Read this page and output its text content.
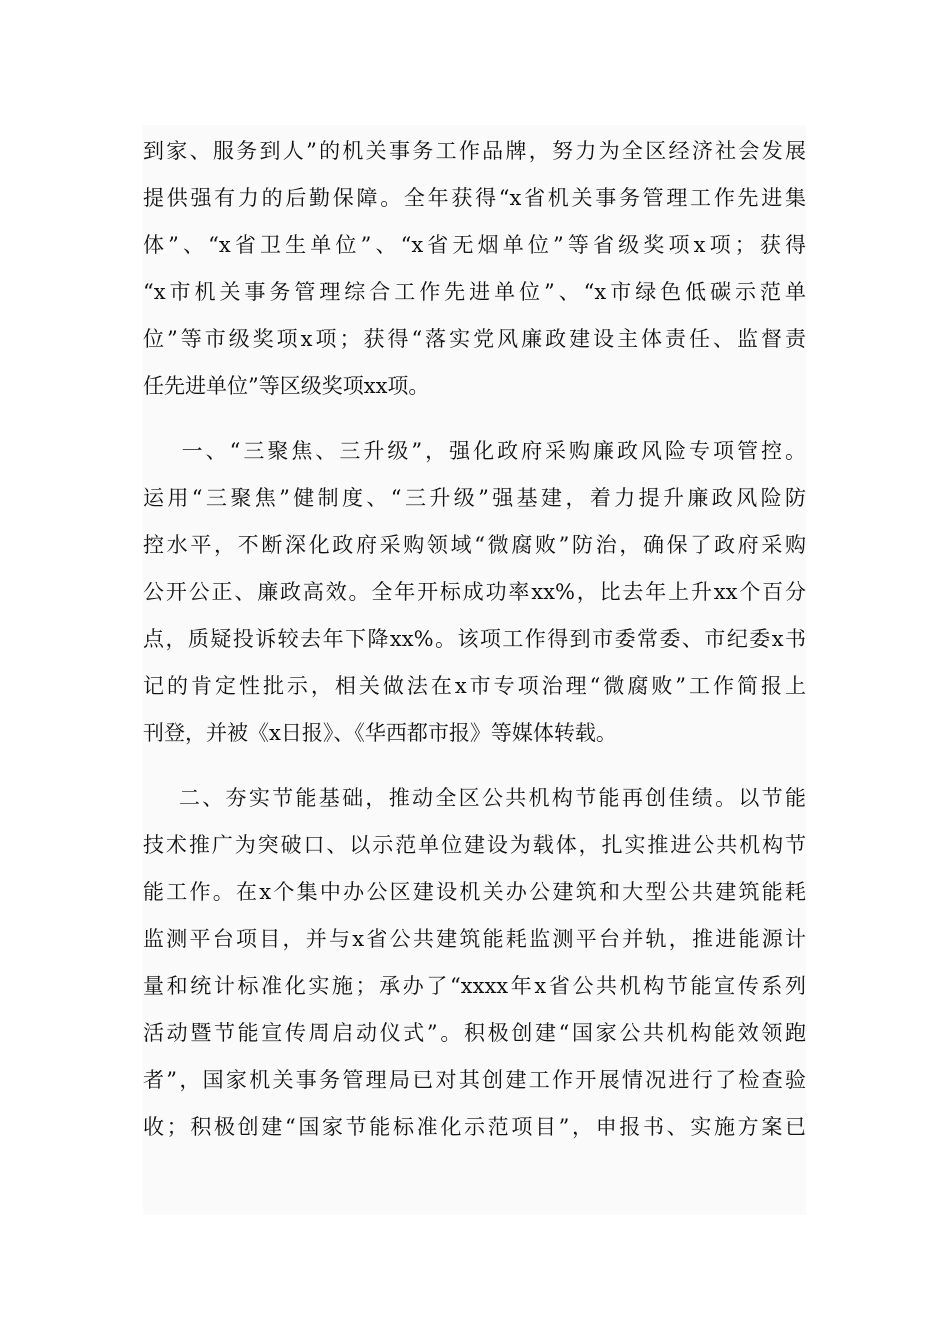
到家、服务到人”的机关事务工作品牌，努力为全区经济社会发展
提供强有力的后勤保障。全年获得“x省机关事务管理工作先进集
体”、“x省卫生单位”、“x省无烟单位”等省级奖项x项；获得
“x市机关事务管理综合工作先进单位”、“x市绿色低碳示范单
位”等市级奖项x项；获得“落实党风廉政建设主体责任、监督责
任先进单位”等区级奖项xx项。
一、“三聚焦、三升级”，强化政府采购廉政风险专项管控。
运用“三聚焦”健制度、“三升级”强基建，着力提升廉政风险防
控水平，不断深化政府采购领域“微腐败”防治，确保了政府采购
公开公正、廉政高效。全年开标成功率xx%，比去年上升xx个百分
点，质疑投诉较去年下降xx%。该项工作得到市委常委、市纪委x书
记的肯定性批示，相关做法在x市专项治理“微腐败”工作简报上
刊登，并被《x日报》、《华西都市报》等媒体转载。
二、夯实节能基础，推动全区公共机构节能再创佳绩。以节能
技术推广为突破口、以示范单位建设为载体，扎实推进公共机构节
能工作。在x个集中办公区建设机关办公建筑和大型公共建筑能耗
监测平台项目，并与x省公共建筑能耗监测平台并轨，推进能源计
量和统计标准化实施；承办了“xxxx年x省公共机构节能宣传系列
活动暨节能宣传周启动仪式”。积极创建“国家公共机构能效领跑
者”，国家机关事务管理局已对其创建工作开展情况进行了检查验
收；积极创建“国家节能标准化示范项目”，申报书、实施方案已
